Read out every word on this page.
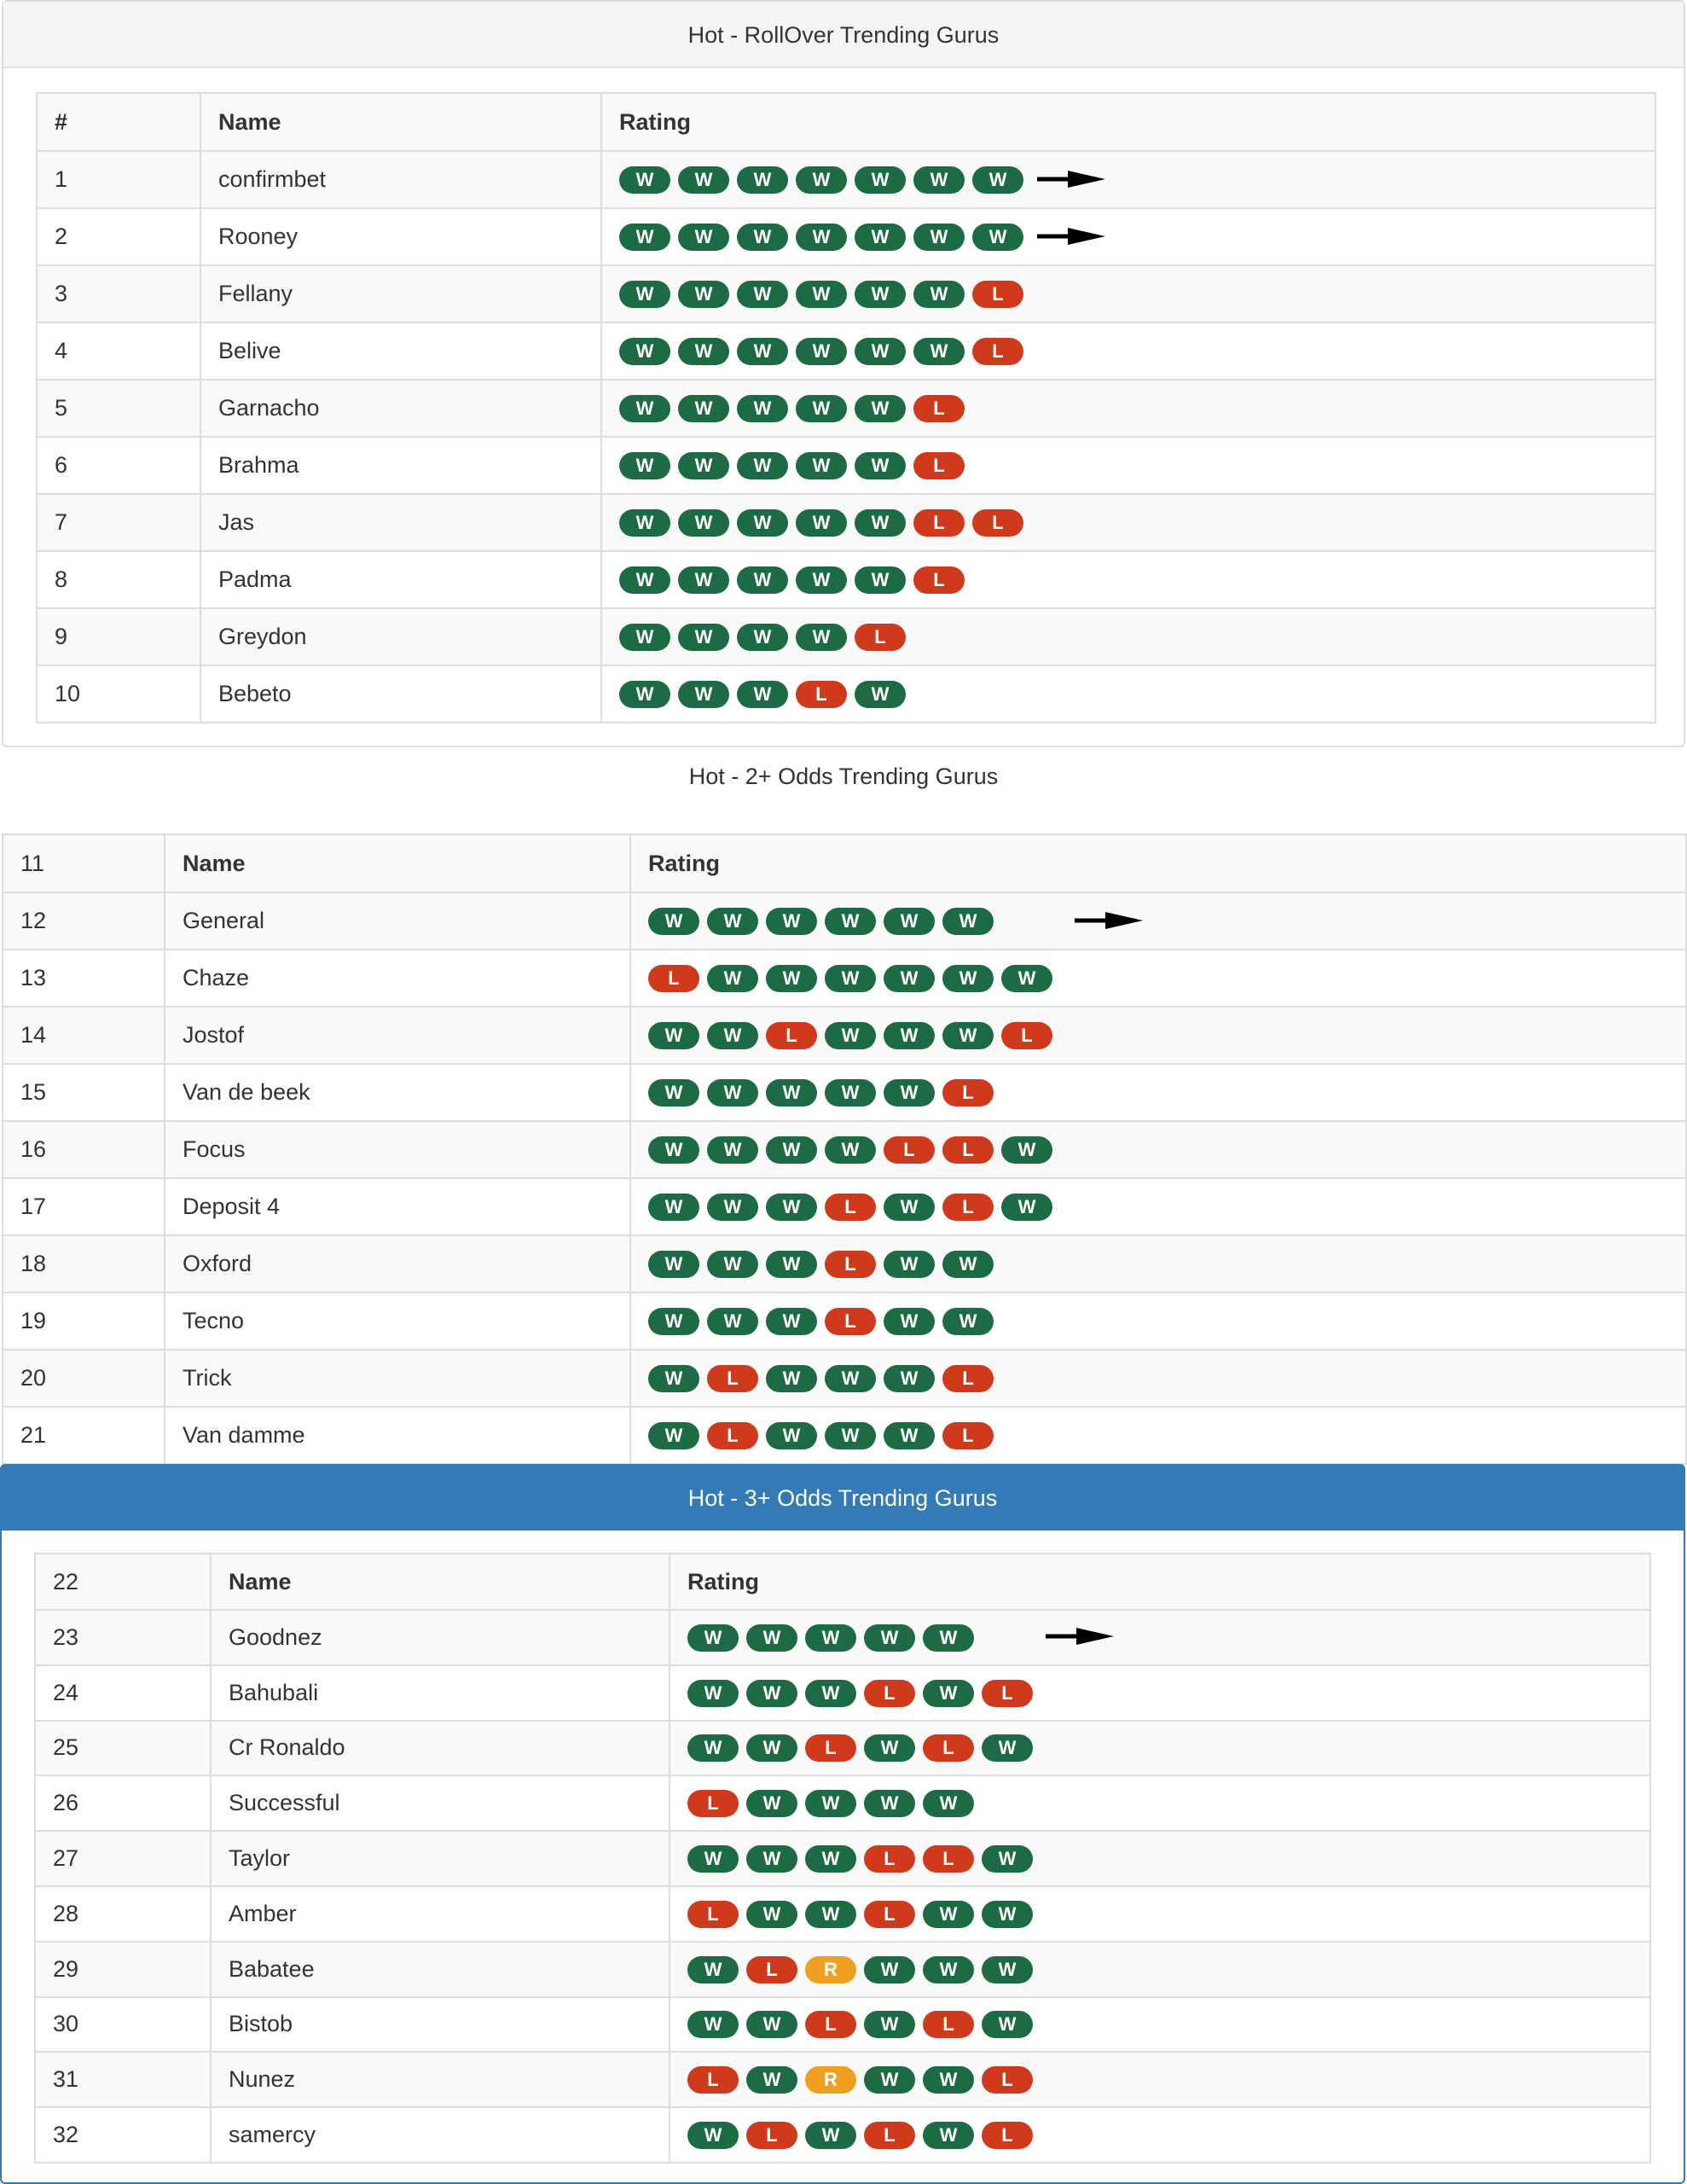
Hot - RollOver Trending Gurus
#	Name	Rating
1	confirmbet	W W W W W W W

2	Rooney	W W W W W W W

3	Fellany	W W W W W W L
4	Belive	W W W W W W L
5	Garnacho	W W W W W L
6	Brahma	W W W W W L
7	Jas	W W W W W L L
8	Padma	W W W W W L
9	Greydon	W W W W L
10	Bebeto	W W W L W
Hot - 2+ Odds Trending Gurus
11	Name	Rating
12	General	W W W W W W

13	Chaze	L W W W W W W
14	Jostof	W W L W W W L
15	Van de beek	W W W W W L
16	Focus	W W W W L L W
17	Deposit 4	W W W L W L W
18	Oxford	W W W L W W
19	Tecno	W W W L W W
20	Trick	W L W W W L
21	Van damme	W L W W W L
Hot - 3+ Odds Trending Gurus
22	Name	Rating
23	Goodnez	W W W W W

24	Bahubali	W W W L W L
25	Cr Ronaldo	W W L W L W
26	Successful	L W W W W
27	Taylor	W W W L L W
28	Amber	L W W L W W
29	Babatee	W L R W W W
30	Bistob	W W L W L W
31	Nunez	L W R W W L
32	samercy	W L W L W L
